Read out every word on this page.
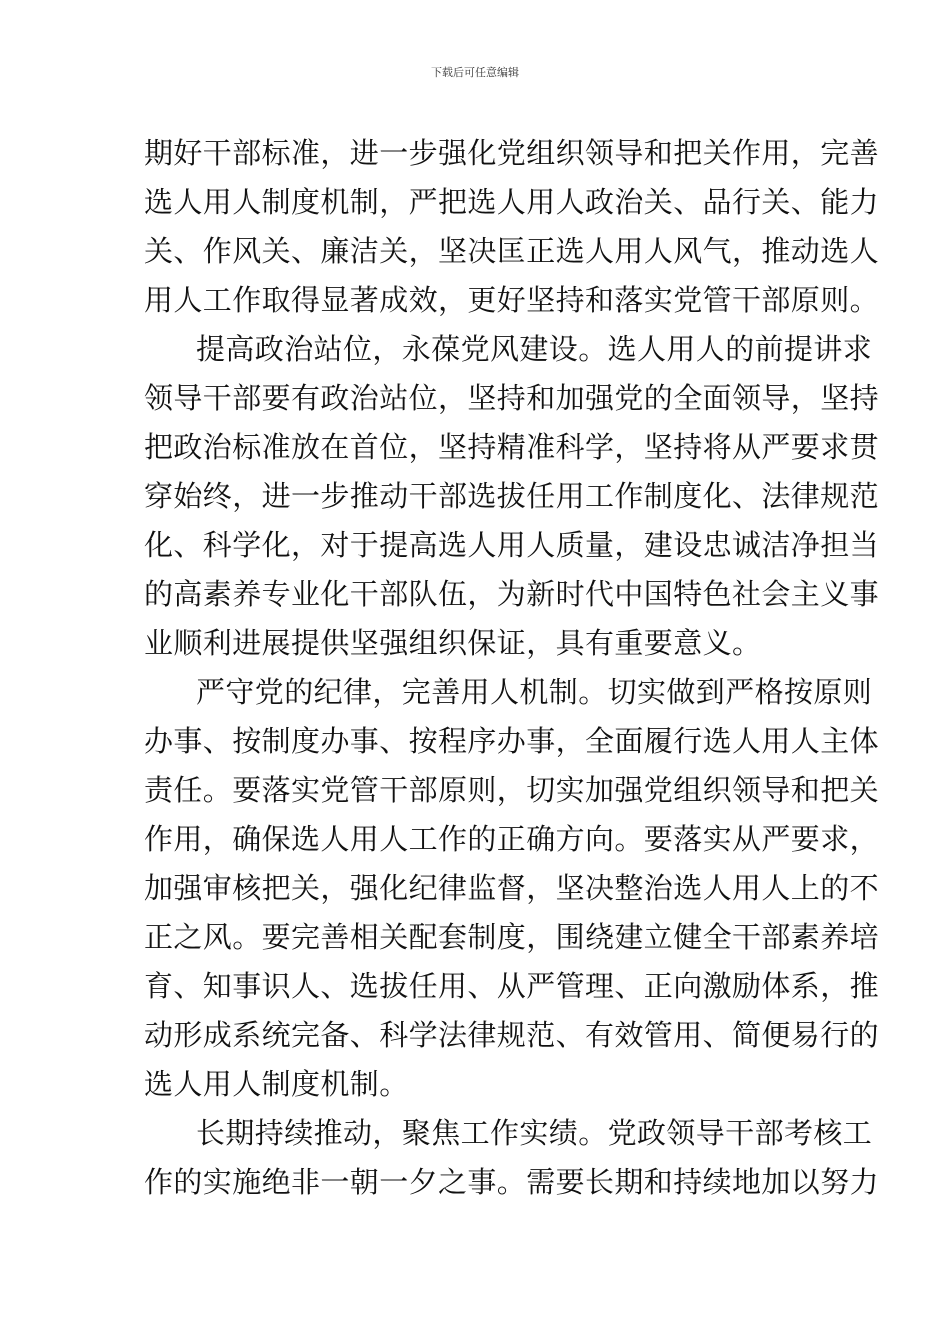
下载后可任意编辑
期好干部标准，进一步强化党组织领导和把关作用，完善
选人用人制度机制，严把选人用人政治关、品行关、能力
关、作风关、廉洁关，坚决匡正选人用人风气，推动选人
用人工作取得显著成效，更好坚持和落实党管干部原则。
提高政治站位，永葆党风建设。选人用人的前提讲求
领导干部要有政治站位，坚持和加强党的全面领导，坚持
把政治标准放在首位，坚持精准科学，坚持将从严要求贯
穿始终，进一步推动干部选拔任用工作制度化、法律规范
化、科学化，对于提高选人用人质量，建设忠诚洁净担当
的高素养专业化干部队伍，为新时代中国特色社会主义事
业顺利进展提供坚强组织保证，具有重要意义。
严守党的纪律，完善用人机制。切实做到严格按原则
办事、按制度办事、按程序办事，全面履行选人用人主体
责任。要落实党管干部原则，切实加强党组织领导和把关
作用，确保选人用人工作的正确方向。要落实从严要求，
加强审核把关，强化纪律监督，坚决整治选人用人上的不
正之风。要完善相关配套制度，围绕建立健全干部素养培
育、知事识人、选拔任用、从严管理、正向激励体系，推
动形成系统完备、科学法律规范、有效管用、简便易行的
选人用人制度机制。
长期持续推动，聚焦工作实绩。党政领导干部考核工
作的实施绝非一朝一夕之事。需要长期和持续地加以努力
